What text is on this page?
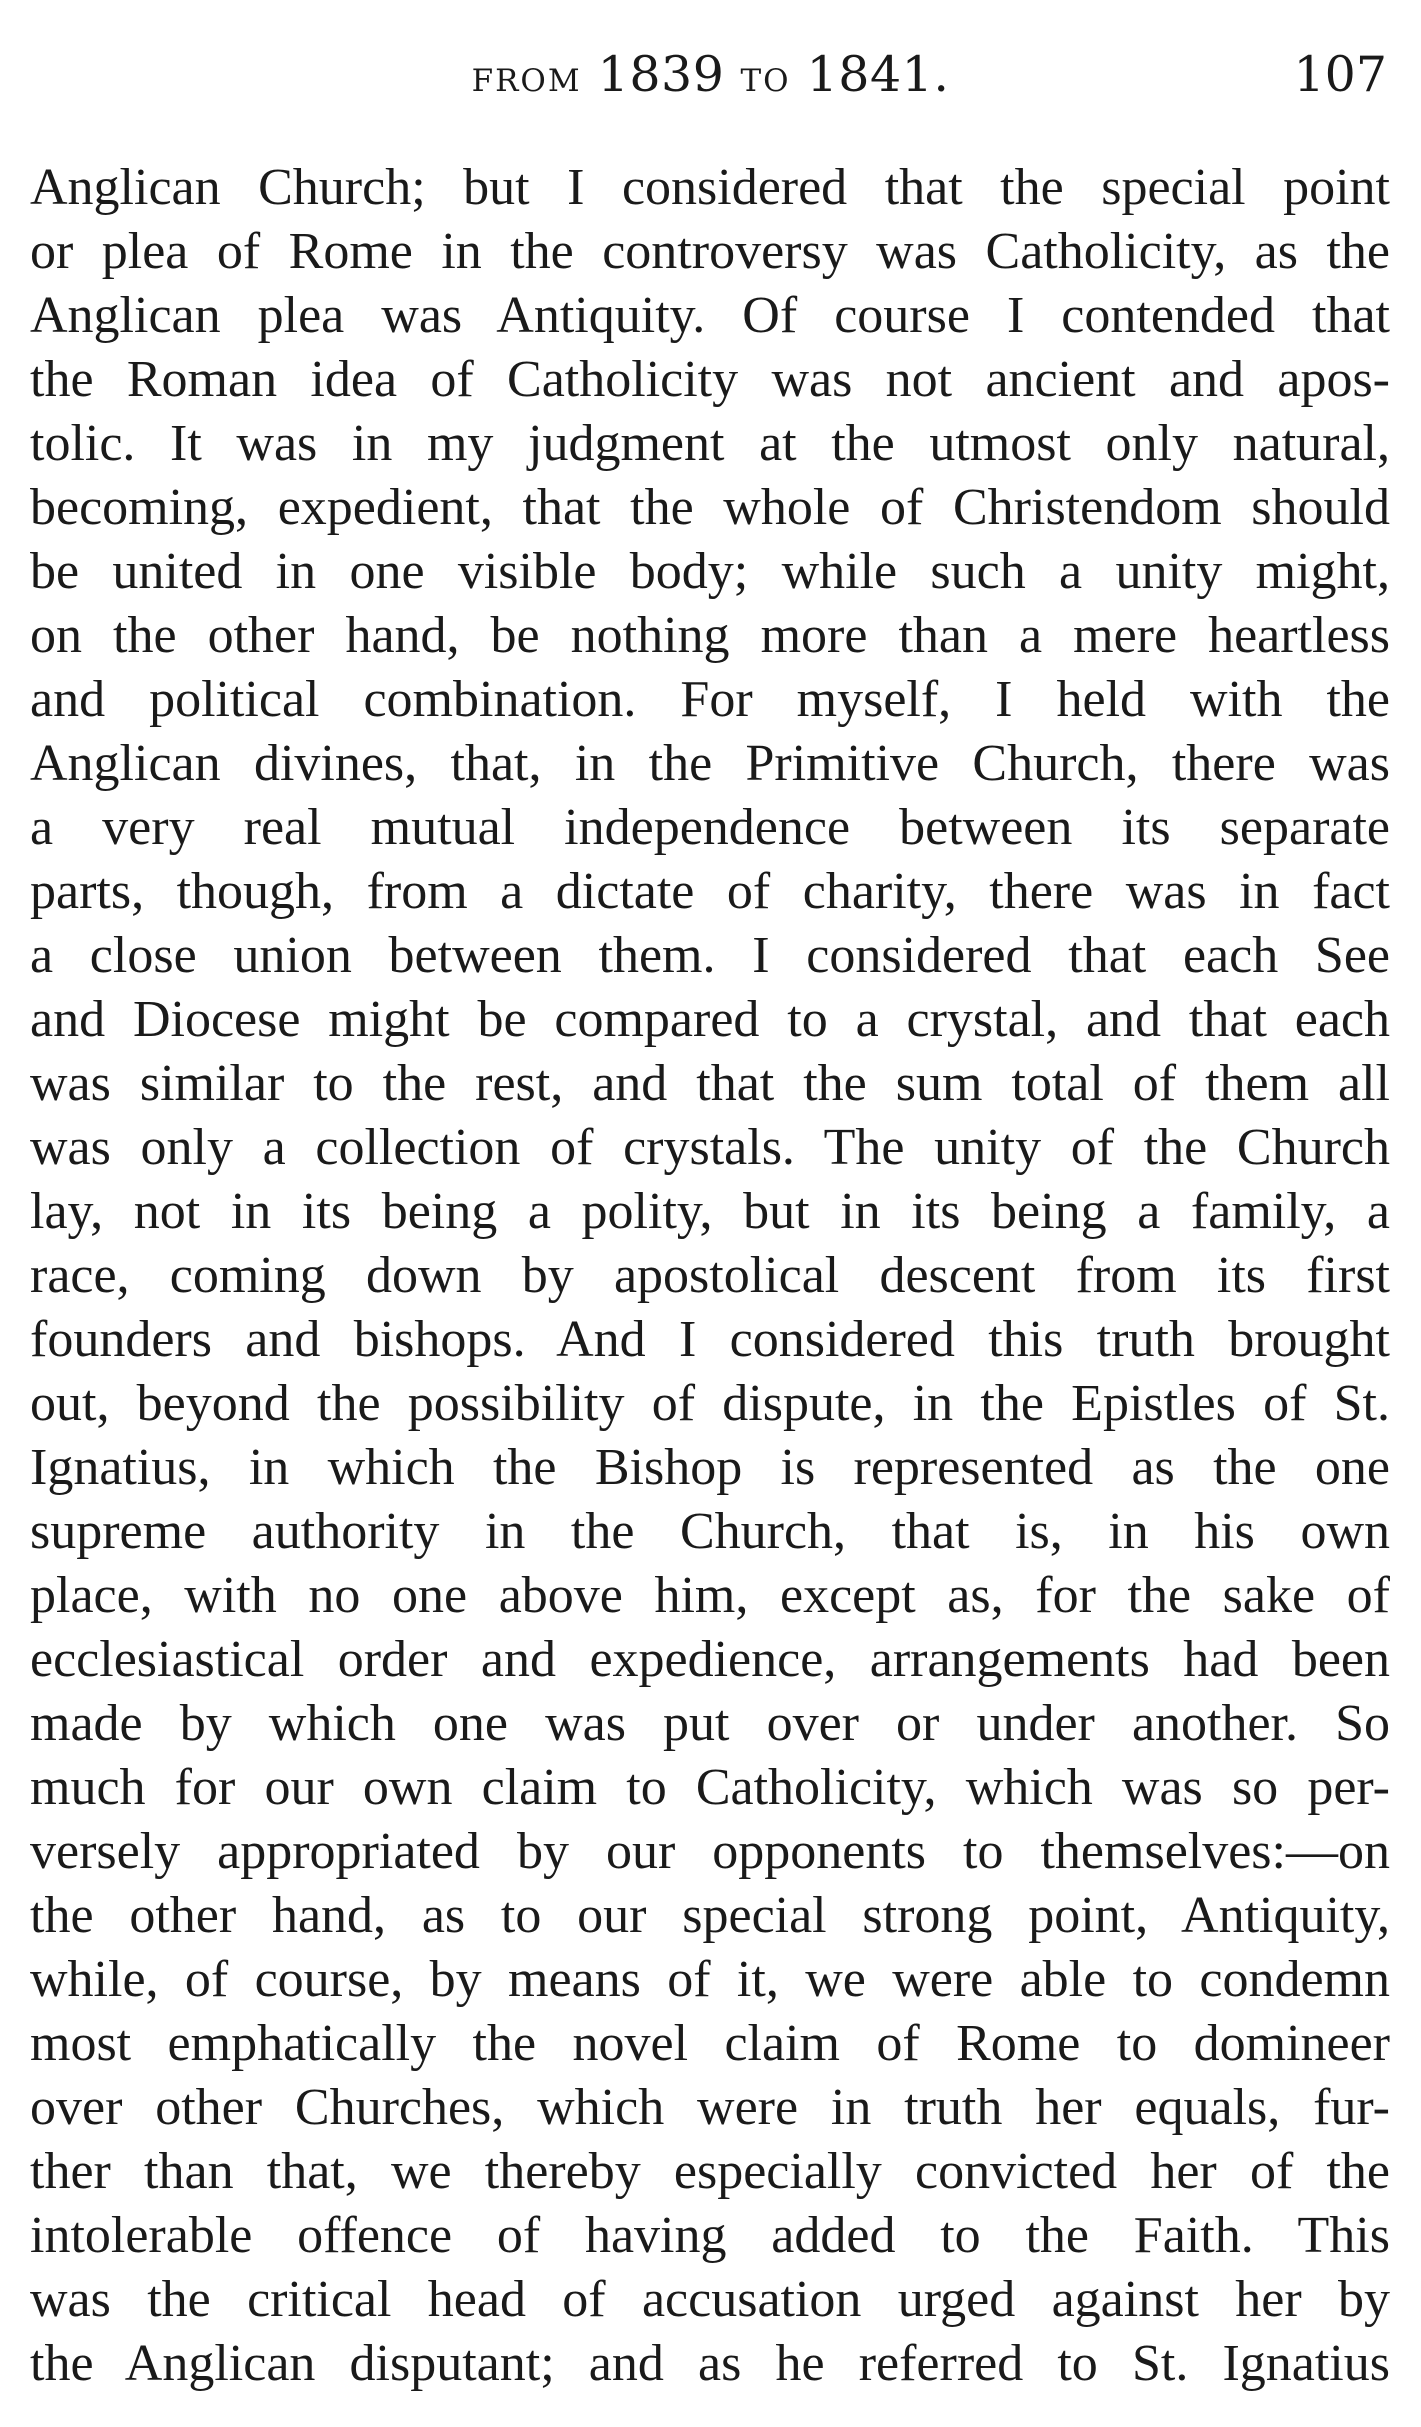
from 1839 to 1841.	107
Anglican Church; but I considered that the special point
or plea of Rome in the controversy was Catholicity, as the
Anglican plea was Antiquity. Of course I contended that
the Roman idea of Catholicity was not ancient and apos-
tolic. It was in my judgment at the utmost only natural,
becoming, expedient, that the whole of Christendom should
be united in one visible body; while such a unity might,
on the other hand, be nothing more than a mere heartless
and political combination. For myself, I held with the
Anglican divines, that, in the Primitive Church, there was
a very real mutual independence between its separate
parts, though, from a dictate of charity, there was in fact
a close union between them. I considered that each See
and Diocese might be compared to a crystal, and that each
was similar to the rest, and that the sum total of them all
was only a collection of crystals. The unity of the Church
lay, not in its being a polity, but in its being a family, a
race, coming down by apostolical descent from its first
founders and bishops. And I considered this truth brought
out, beyond the possibility of dispute, in the Epistles of St.
Ignatius, in which the Bishop is represented as the one
supreme authority in the Church, that is, in his own
place, with no one above him, except as, for the sake of
ecclesiastical order and expedience, arrangements had been
made by which one was put over or under another. So
much for our own claim to Catholicity, which was so per-
versely appropriated by our opponents to themselves:—on
the other hand, as to our special strong point, Antiquity,
while, of course, by means of it, we were able to condemn
most emphatically the novel claim of Rome to domineer
over other Churches, which were in truth her equals, fur-
ther than that, we thereby especially convicted her of the
intolerable offence of having added to the Faith. This
was the critical head of accusation urged against her by
the Anglican disputant; and as he referred to St. Ignatius
